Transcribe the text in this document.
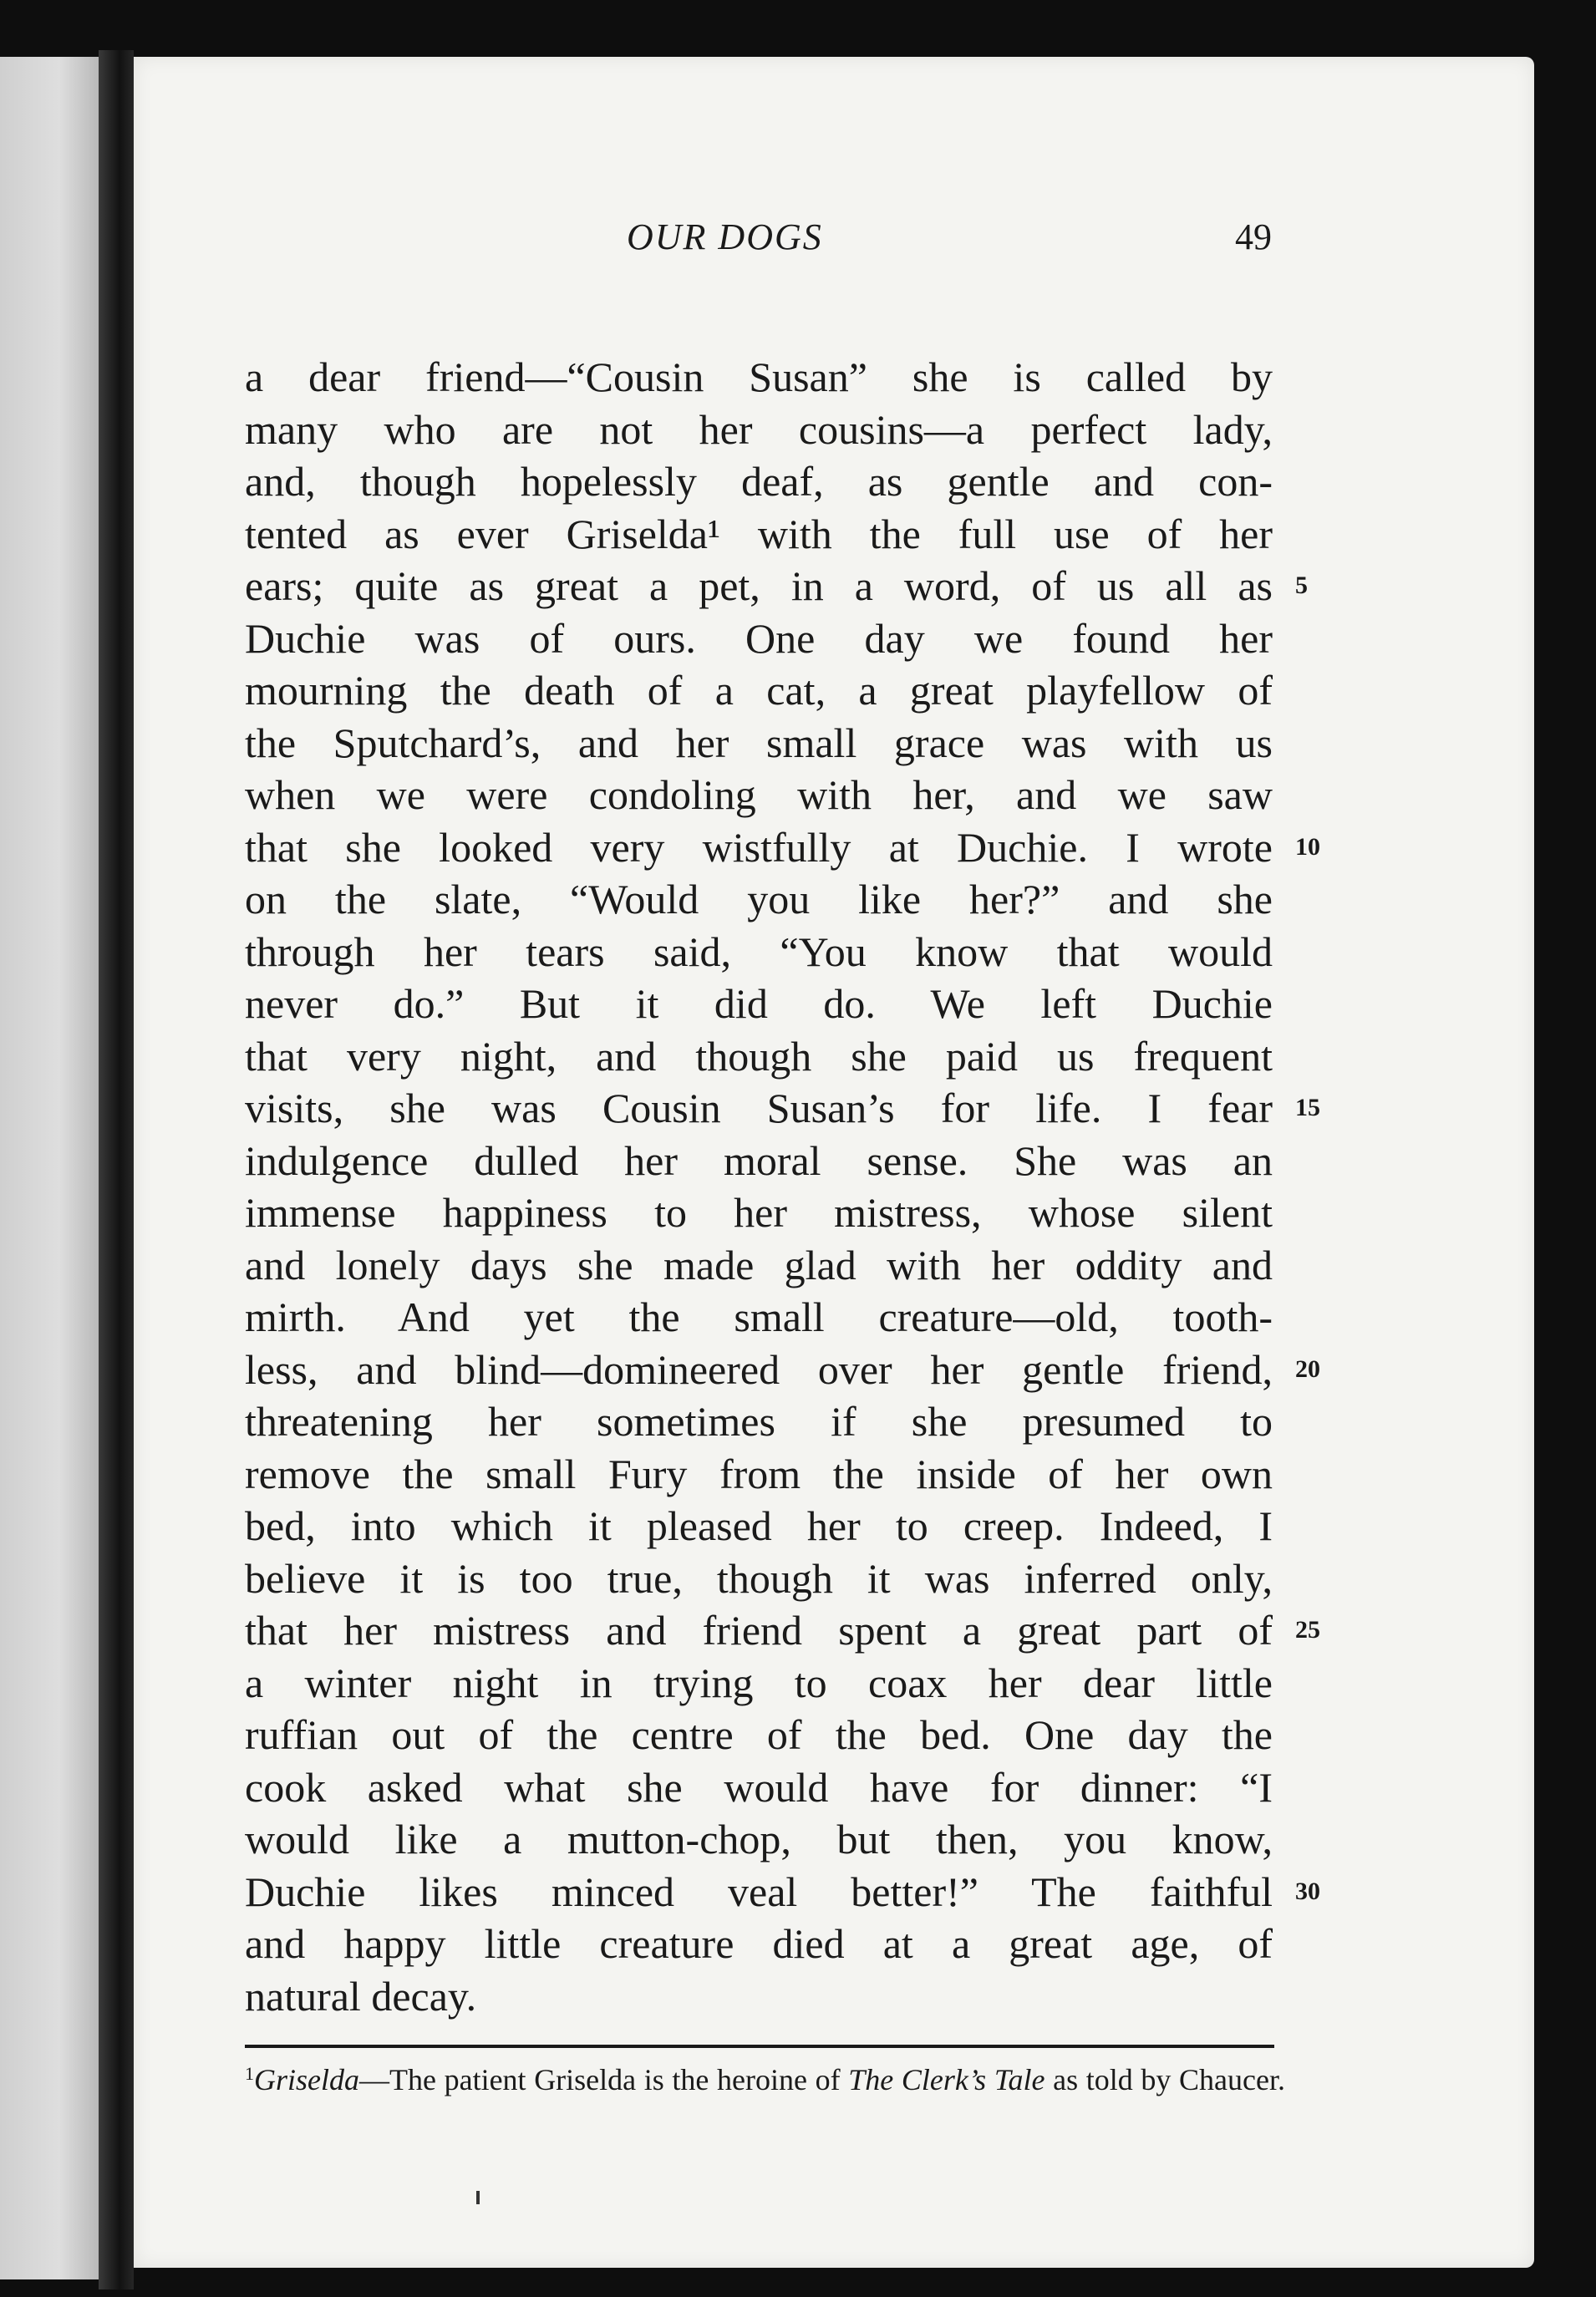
OUR DOGS	49
a dear friend—“Cousin Susan” she is called by
many who are not her cousins—a perfect lady,
and, though hopelessly deaf, as gentle and con-
tented as ever Griselda¹ with the full use of her
ears; quite as great a pet, in a word, of us all as
Duchie was of ours. One day we found her
mourning the death of a cat, a great playfellow of
the Sputchard’s, and her small grace was with us
when we were condoling with her, and we saw
that she looked very wistfully at Duchie. I wrote
on the slate, “Would you like her?” and she
through her tears said, “You know that would
never do.” But it did do. We left Duchie
that very night, and though she paid us frequent
visits, she was Cousin Susan’s for life. I fear
indulgence dulled her moral sense. She was an
immense happiness to her mistress, whose silent
and lonely days she made glad with her oddity and
mirth. And yet the small creature—old, tooth-
less, and blind—domineered over her gentle friend,
threatening her sometimes if she presumed to
remove the small Fury from the inside of her own
bed, into which it pleased her to creep. Indeed, I
believe it is too true, though it was inferred only,
that her mistress and friend spent a great part of
a winter night in trying to coax her dear little
ruffian out of the centre of the bed. One day the
cook asked what she would have for dinner: “I
would like a mutton-chop, but then, you know,
Duchie likes minced veal better!” The faithful
and happy little creature died at a great age, of
natural decay.
5
10
15
20
25
30
$^1$Griselda—The patient Griselda is the heroine of The Clerk’s Tale as told by Chaucer.
